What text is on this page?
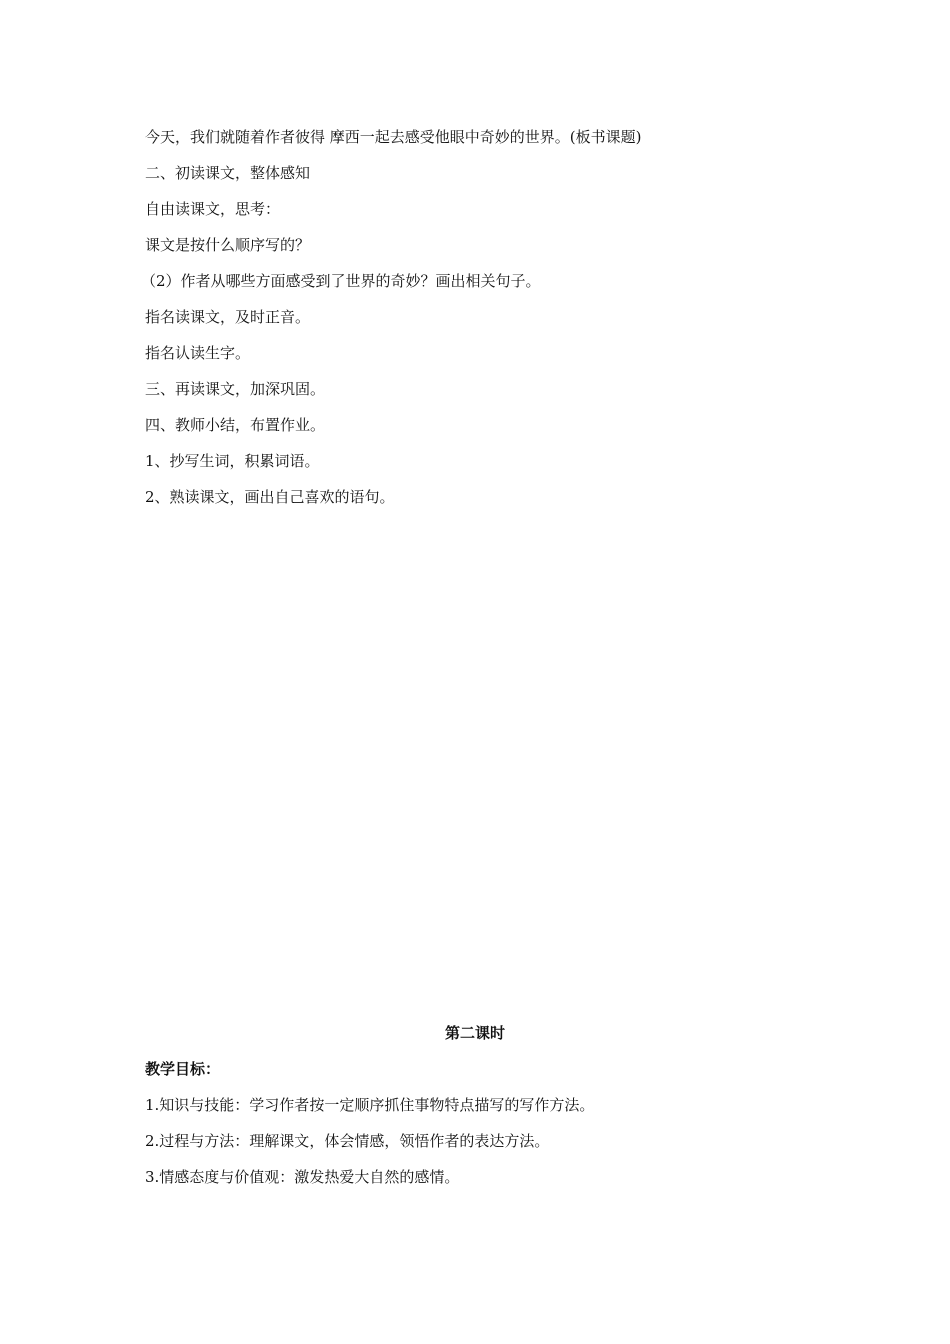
今天，我们就随着作者彼得 摩西一起去感受他眼中奇妙的世界。(板书课题)
二、初读课文，整体感知
自由读课文，思考：
课文是按什么顺序写的？
（2）作者从哪些方面感受到了世界的奇妙？画出相关句子。
指名读课文，及时正音。
指名认读生字。
三、再读课文，加深巩固。
四、教师小结，布置作业。
1、抄写生词，积累词语。
2、熟读课文，画出自己喜欢的语句。
第二课时
教学目标：
1.知识与技能：学习作者按一定顺序抓住事物特点描写的写作方法。
2.过程与方法：理解课文，体会情感，领悟作者的表达方法。
3.情感态度与价值观：激发热爱大自然的感情。
